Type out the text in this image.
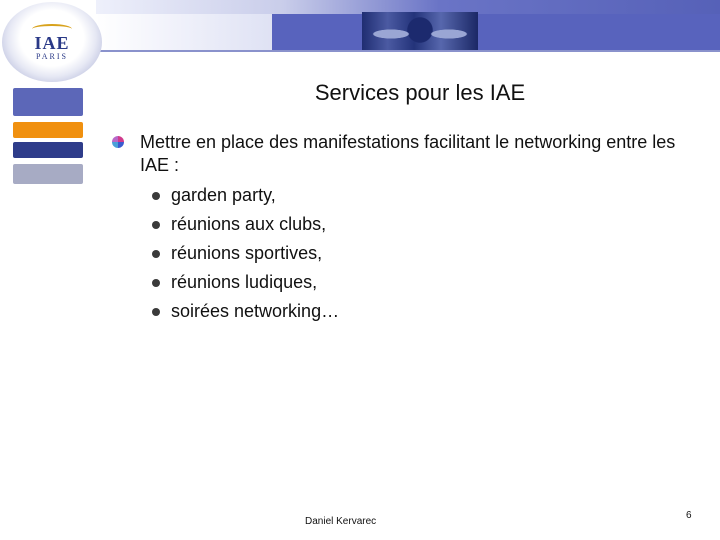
IAE
PARIS
Services pour les IAE
Mettre en place des manifestations facilitant le networking entre les IAE :
garden party,
réunions aux clubs,
réunions sportives,
réunions ludiques,
soirées networking…
Daniel Kervarec
6
